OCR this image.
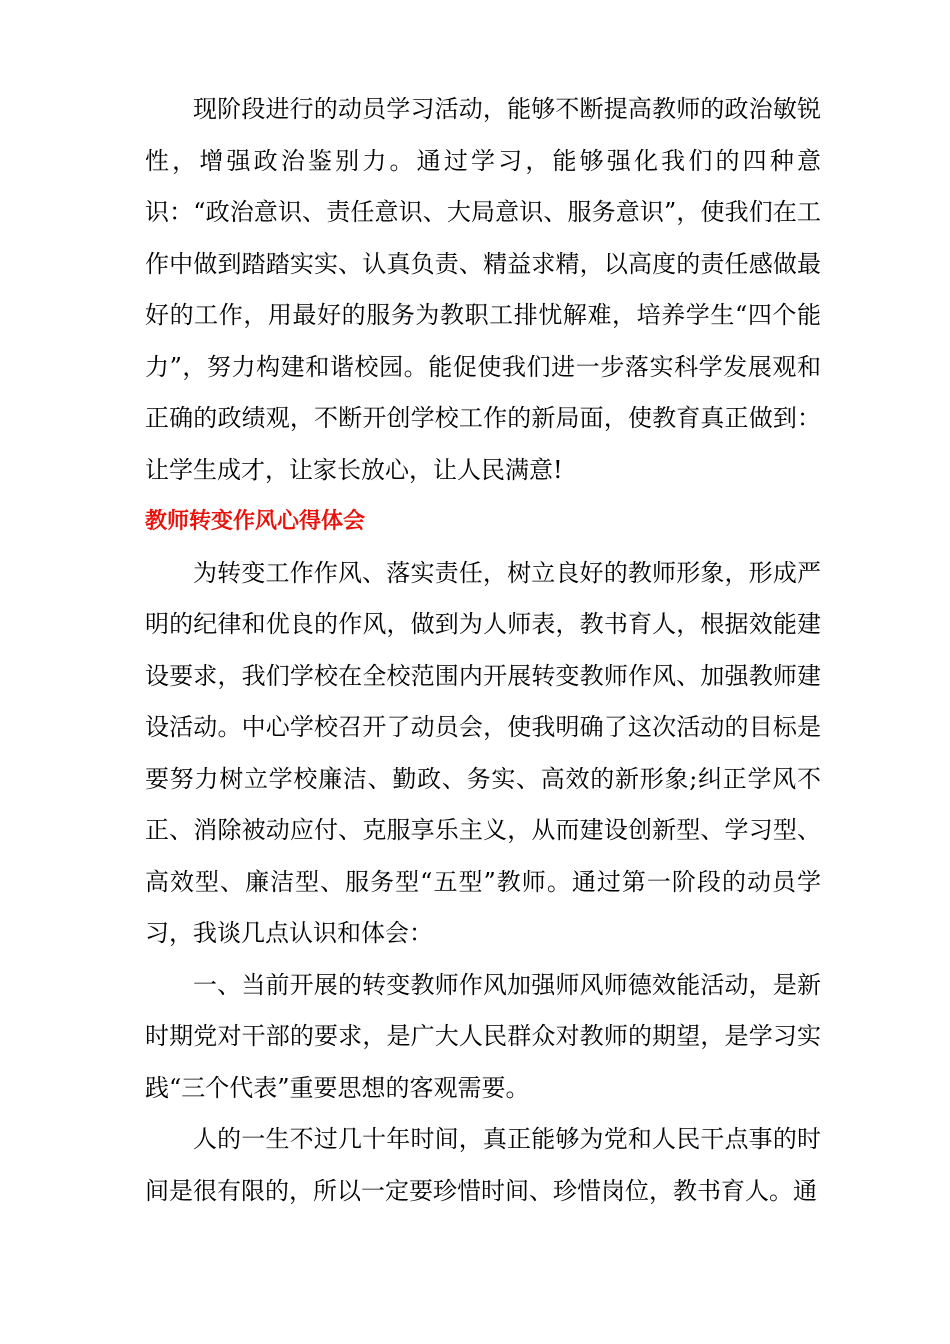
现阶段进行的动员学习活动，能够不断提高教师的政治敏锐性，增强政治鉴别力。通过学习，能够强化我们的四种意识：“政治意识、责任意识、大局意识、服务意识”，使我们在工作中做到踏踏实实、认真负责、精益求精，以高度的责任感做最好的工作，用最好的服务为教职工排忧解难，培养学生“四个能力”，努力构建和谐校园。能促使我们进一步落实科学发展观和正确的政绩观，不断开创学校工作的新局面，使教育真正做到：让学生成才，让家长放心，让人民满意!

教师转变作风心得体会

为转变工作作风、落实责任，树立良好的教师形象，形成严明的纪律和优良的作风，做到为人师表，教书育人，根据效能建设要求，我们学校在全校范围内开展转变教师作风、加强教师建设活动。中心学校召开了动员会，使我明确了这次活动的目标是要努力树立学校廉洁、勤政、务实、高效的新形象;纠正学风不正、消除被动应付、克服享乐主义，从而建设创新型、学习型、高效型、廉洁型、服务型“五型”教师。通过第一阶段的动员学习，我谈几点认识和体会：

一、当前开展的转变教师作风加强师风师德效能活动，是新时期党对干部的要求，是广大人民群众对教师的期望，是学习实践“三个代表”重要思想的客观需要。

人的一生不过几十年时间，真正能够为党和人民干点事的时间是很有限的，所以一定要珍惜时间、珍惜岗位，教书育人。通
